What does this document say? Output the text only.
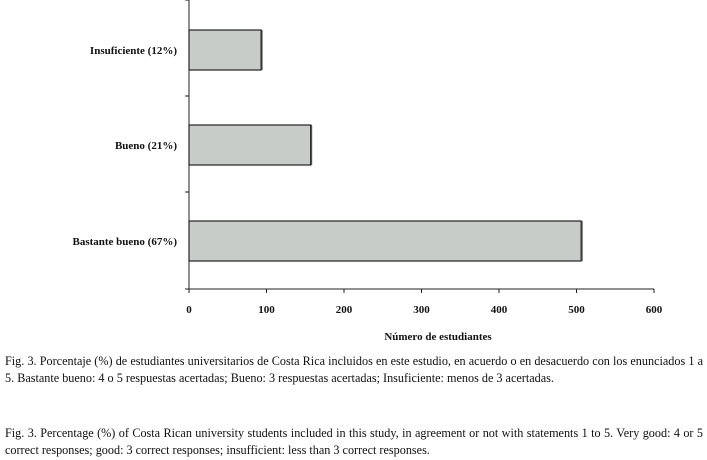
0	100	200	300	400	500	600
Insuficiente (12%)
Bueno (21%)
Bastante bueno (67%)
Número de estudiantes

Fig. 3. Porcentaje (%) de estudiantes universitarios de Costa Rica incluidos en este estudio, en acuerdo o en desacuerdo con los enunciados 1 a 5. Bastante bueno: 4 o 5 respuestas acertadas; Bueno: 3 respuestas acertadas; Insuficiente: menos de 3 acertadas.

Fig. 3. Percentage (%) of Costa Rican university students included in this study, in agreement or not with statements 1 to 5. Very good: 4 or 5 correct responses; good: 3 correct responses; insufficient: less than 3 correct responses.
